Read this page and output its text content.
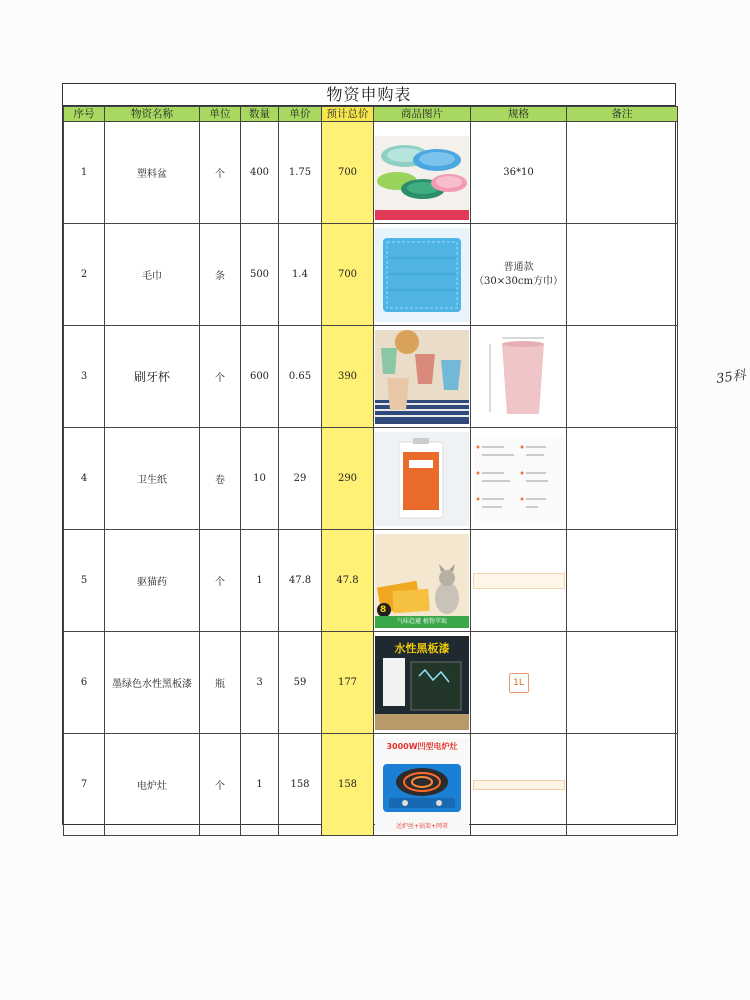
物资申购表
序号	物资名称	单位	数量	单价	预计总价	商品图片	规格	备注
1	塑料盆	个	400	1.75	700		36*10	
2	毛巾	条	500	1.4	700		普通款
（30×30cm方巾）	
3	刷牙杯	个	600	0.65	390	

4	卫生纸	卷	10	29	290	

5	驱猫药	个	1	47.8	47.8	气味趋避 植物萃取
8		

6	墨绿色水性黑板漆	瓶	3	59	177	水性黑板漆	1L	

7	电炉灶	个	1	158	158	3000W凹型电炉灶
送炉丝+锅架+网罩		

35科
